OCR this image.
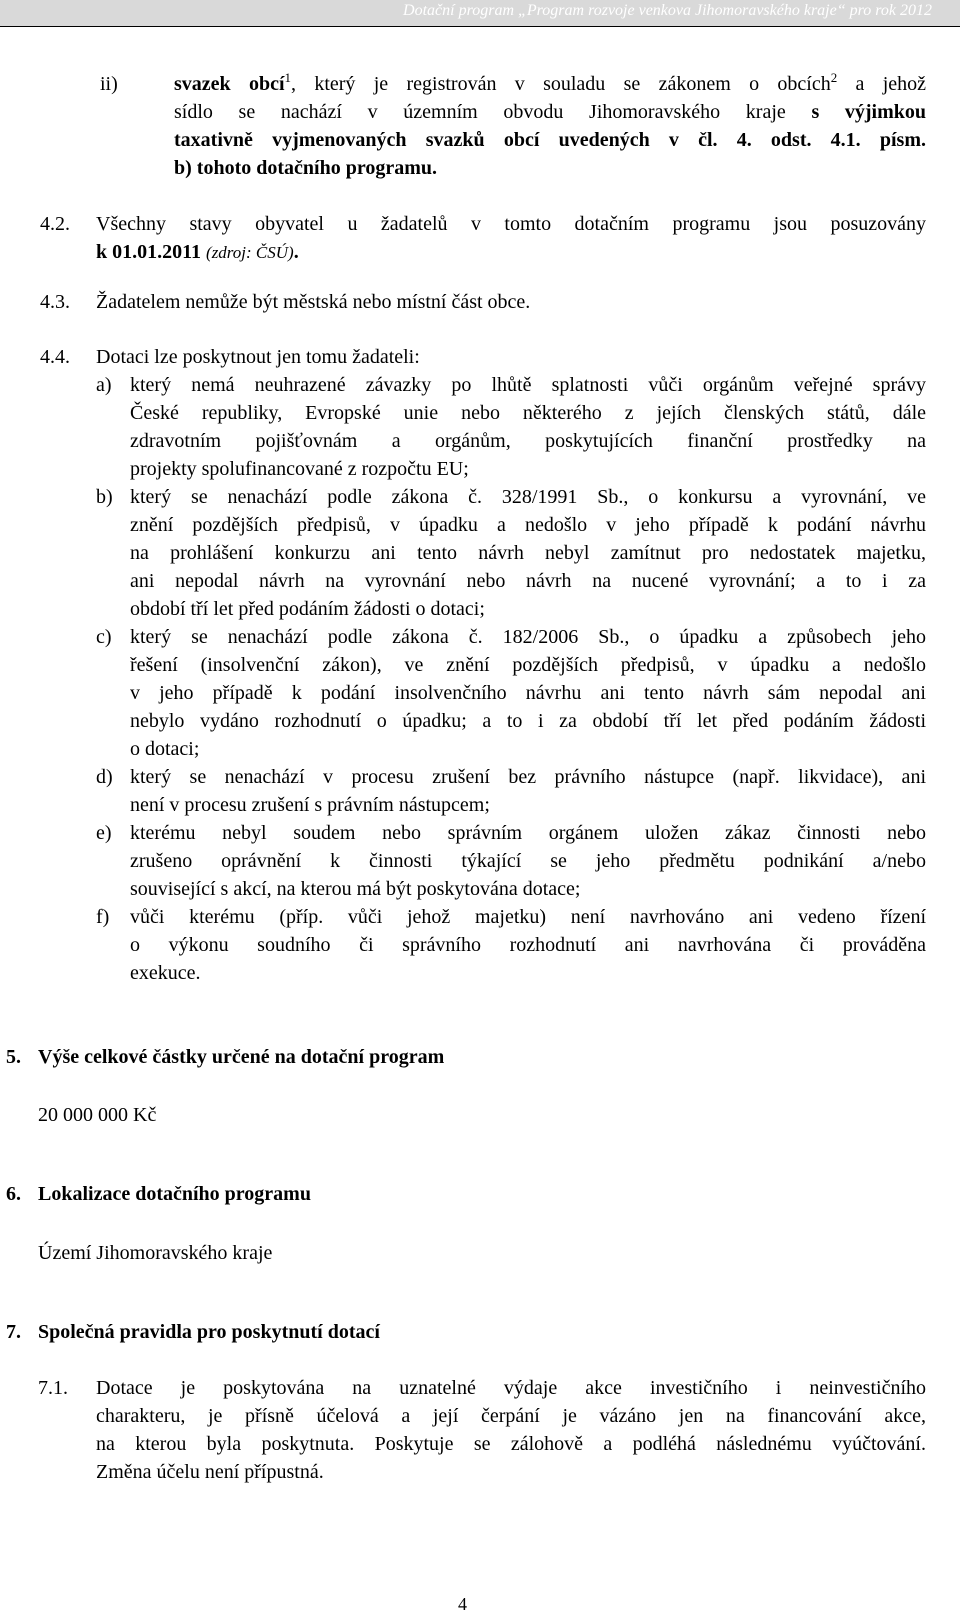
Dotační program „Program rozvoje venkova Jihomoravského kraje“ pro rok 2012
ii)	svazek obcí$^1$, který je registrován v souladu se zákonem o obcích$^2$ a jehož
sídlo se nachází v územním obvodu Jihomoravského kraje s výjimkou
taxativně vyjmenovaných svazků obcí uvedených v čl. 4. odst. 4.1. písm.
b) tohoto dotačního programu.
4.2. Všechny stavy obyvatel u žadatelů v tomto dotačním programu jsou posuzovány
k 01.01.2011 (zdroj: ČSÚ).
4.3. Žadatelem nemůže být městská nebo místní část obce.
4.4. Dotaci lze poskytnout jen tomu žadateli:
a) který nemá neuhrazené závazky po lhůtě splatnosti vůči orgánům veřejné správy
České republiky, Evropské unie nebo některého z jejích členských států, dále
zdravotním pojišťovnám a orgánům, poskytujících finanční prostředky na
projekty spolufinancované z rozpočtu EU;
b) který se nenachází podle zákona č. 328/1991 Sb., o konkursu a vyrovnání, ve
znění pozdějších předpisů, v úpadku a nedošlo v jeho případě k podání návrhu
na prohlášení konkurzu ani tento návrh nebyl zamítnut pro nedostatek majetku,
ani nepodal návrh na vyrovnání nebo návrh na nucené vyrovnání; a to i za
období tří let před podáním žádosti o dotaci;
c) který se nenachází podle zákona č. 182/2006 Sb., o úpadku a způsobech jeho
řešení (insolvenční zákon), ve znění pozdějších předpisů, v úpadku a nedošlo
v jeho případě k podání insolvenčního návrhu ani tento návrh sám nepodal ani
nebylo vydáno rozhodnutí o úpadku; a to i za období tří let před podáním žádosti
o dotaci;
d) který se nenachází v procesu zrušení bez právního nástupce (např. likvidace), ani
není v procesu zrušení s právním nástupcem;
e) kterému nebyl soudem nebo správním orgánem uložen zákaz činnosti nebo
zrušeno oprávnění k činnosti týkající se jeho předmětu podnikání a/nebo
související s akcí, na kterou má být poskytována dotace;
f) vůči kterému (příp. vůči jehož majetku) není navrhováno ani vedeno řízení
o výkonu soudního či správního rozhodnutí ani navrhována či prováděna
exekuce.
5. Výše celkové částky určené na dotační program
20 000 000 Kč
6. Lokalizace dotačního programu
Území Jihomoravského kraje
7. Společná pravidla pro poskytnutí dotací
7.1. Dotace je poskytována na uznatelné výdaje akce investičního i neinvestičního
charakteru, je přísně účelová a její čerpání je vázáno jen na financování akce,
na kterou byla poskytnuta. Poskytuje se zálohově a podléhá následnému vyúčtování.
Změna účelu není přípustná.
4
